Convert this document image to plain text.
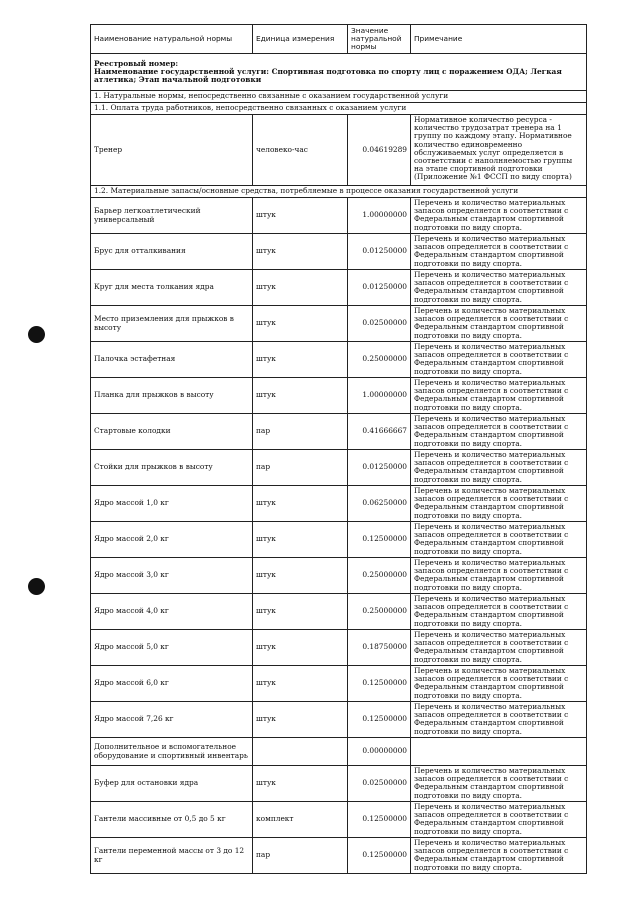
Наименование натуральной нормы	Единица измерения	Значение натуральной нормы	Примечание

Реестровый номер:
Наименование государственной услуги: Спортивная подготовка по спорту лиц с поражением ОДА; Легкая атлетика; Этап начальной подготовки			

1. Натуральные нормы, непосредственно связанные с оказанием государственной услуги			
1.1. Оплата труда работников, непосредственно связанных с оказанием услуги			
Тренер	человеко-час	0.04619289	Нормативное количество ресурса - количество трудозатрат тренера на 1 группу по каждому этапу. Нормативное количество единовременно обслуживаемых услуг определяется в соответствии с наполняемостью группы на этапе спортивной подготовки (Приложение №1 ФССП по виду спорта)
1.2. Материальные запасы/основные средства, потребляемые в процессе оказания государственной услуги			
Барьер легкоатлетический универсальный	штук	1.00000000	Перечень и количество материальных запасов определяется в соответствии с Федеральным стандартом спортивной подготовки по виду спорта.
Брус для отталкивания	штук	0.01250000	Перечень и количество материальных запасов определяется в соответствии с Федеральным стандартом спортивной подготовки по виду спорта.
Круг для места толкания ядра	штук	0.01250000	Перечень и количество материальных запасов определяется в соответствии с Федеральным стандартом спортивной подготовки по виду спорта.
Место приземления для прыжков в высоту	штук	0.02500000	Перечень и количество материальных запасов определяется в соответствии с Федеральным стандартом спортивной подготовки по виду спорта.
Палочка эстафетная	штук	0.25000000	Перечень и количество материальных запасов определяется в соответствии с Федеральным стандартом спортивной подготовки по виду спорта.
Планка для прыжков в высоту	штук	1.00000000	Перечень и количество материальных запасов определяется в соответствии с Федеральным стандартом спортивной подготовки по виду спорта.
Стартовые колодки	пар	0.41666667	Перечень и количество материальных запасов определяется в соответствии с Федеральным стандартом спортивной подготовки по виду спорта.
Стойки для прыжков в высоту	пар	0.01250000	Перечень и количество материальных запасов определяется в соответствии с Федеральным стандартом спортивной подготовки по виду спорта.
Ядро массой 1,0 кг	штук	0.06250000	Перечень и количество материальных запасов определяется в соответствии с Федеральным стандартом спортивной подготовки по виду спорта.
Ядро массой 2,0 кг	штук	0.12500000	Перечень и количество материальных запасов определяется в соответствии с Федеральным стандартом спортивной подготовки по виду спорта.
Ядро массой 3,0 кг	штук	0.25000000	Перечень и количество материальных запасов определяется в соответствии с Федеральным стандартом спортивной подготовки по виду спорта.
Ядро массой 4,0 кг	штук	0.25000000	Перечень и количество материальных запасов определяется в соответствии с Федеральным стандартом спортивной подготовки по виду спорта.
Ядро массой 5,0 кг	штук	0.18750000	Перечень и количество материальных запасов определяется в соответствии с Федеральным стандартом спортивной подготовки по виду спорта.
Ядро массой 6,0 кг	штук	0.12500000	Перечень и количество материальных запасов определяется в соответствии с Федеральным стандартом спортивной подготовки по виду спорта.
Ядро массой 7,26 кг	штук	0.12500000	Перечень и количество материальных запасов определяется в соответствии с Федеральным стандартом спортивной подготовки по виду спорта.
Дополнительное и вспомогательное оборудование и спортивный инвентарь		0.00000000	
Буфер для остановки ядра	штук	0.02500000	Перечень и количество материальных запасов определяется в соответствии с Федеральным стандартом спортивной подготовки по виду спорта.
Гантели массивные от 0,5 до 5 кг	комплект	0.12500000	Перечень и количество материальных запасов определяется в соответствии с Федеральным стандартом спортивной подготовки по виду спорта.
Гантели переменной массы от 3 до 12 кг	пар	0.12500000	Перечень и количество материальных запасов определяется в соответствии с Федеральным стандартом спортивной подготовки по виду спорта.
